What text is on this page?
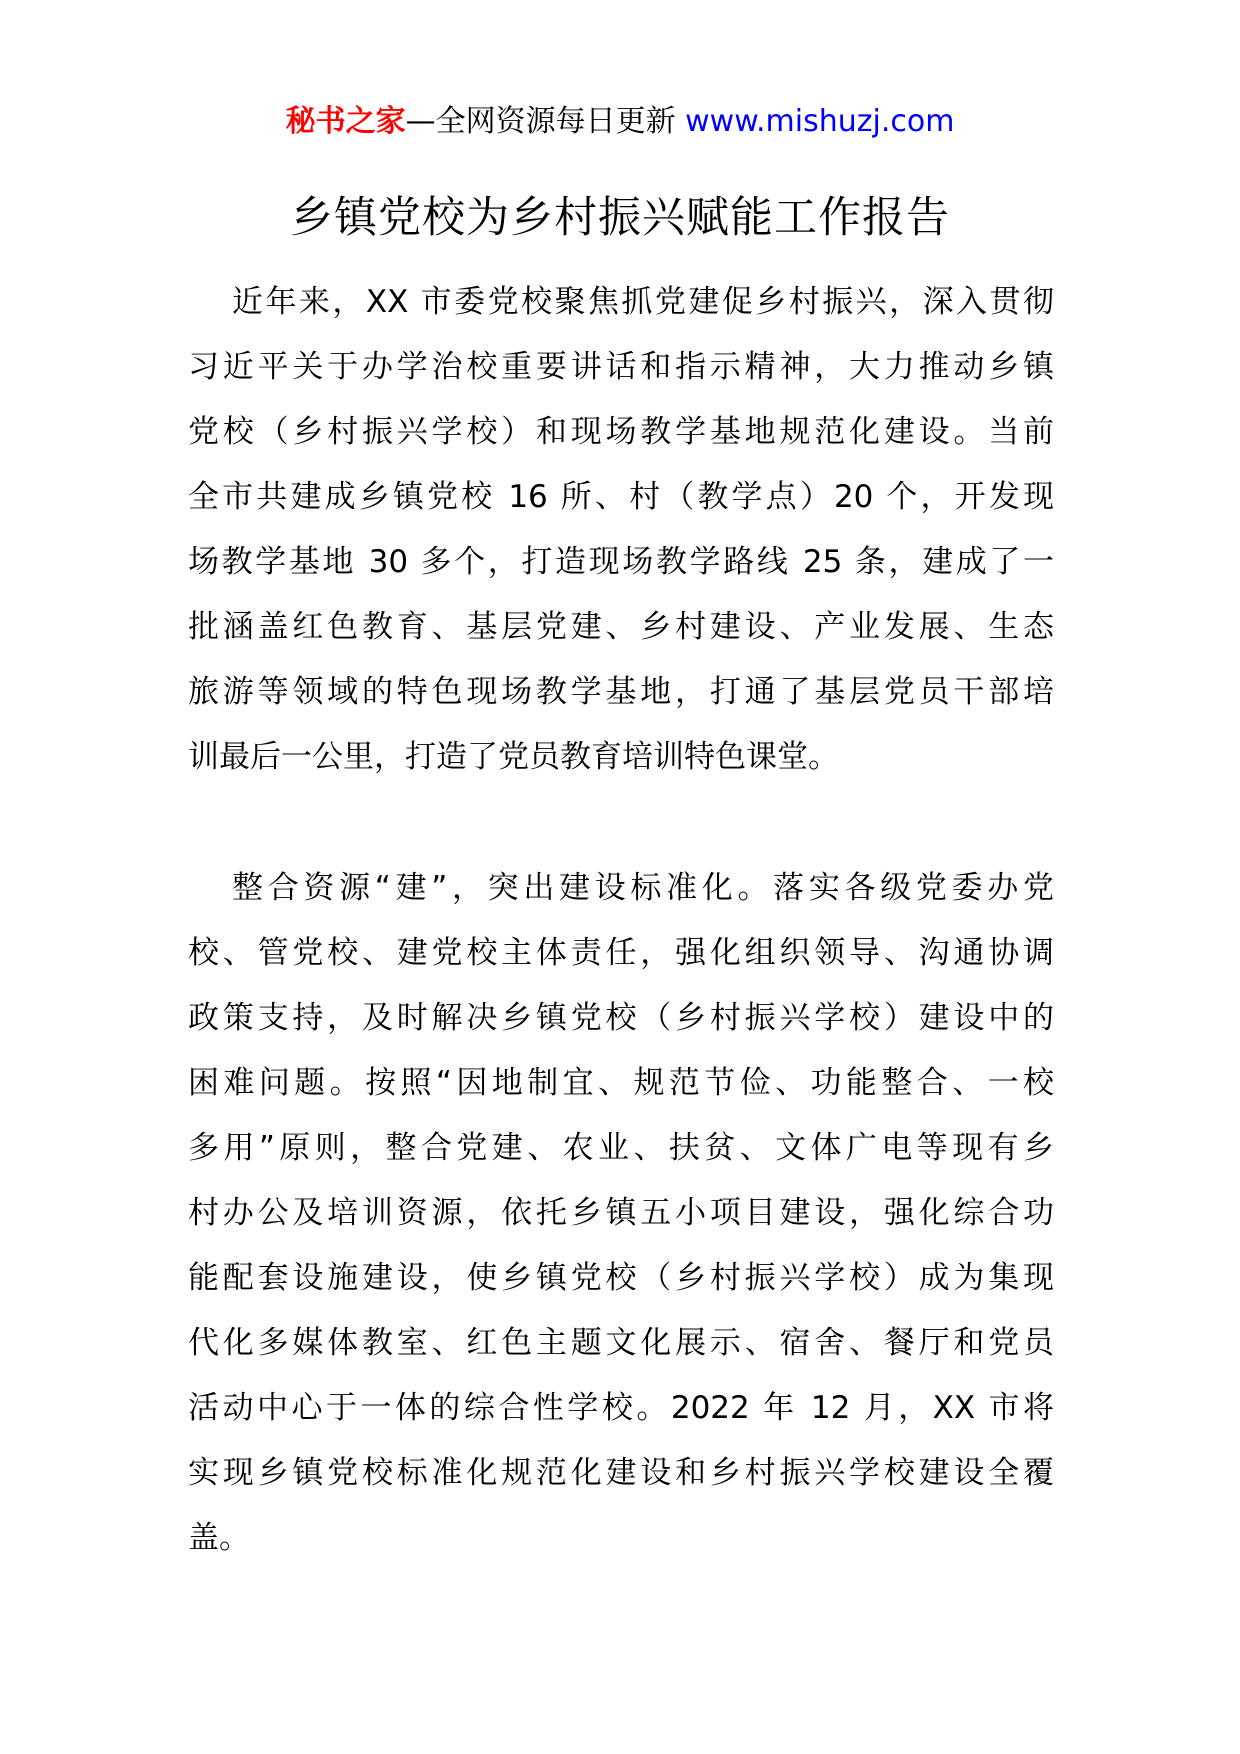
秘书之家—全网资源每日更新 www.mishuzj.com
乡镇党校为乡村振兴赋能工作报告
近年来，XX 市委党校聚焦抓党建促乡村振兴，深入贯彻
习近平关于办学治校重要讲话和指示精神，大力推动乡镇
党校（乡村振兴学校）和现场教学基地规范化建设。当前
全市共建成乡镇党校 16 所、村（教学点）20 个，开发现
场教学基地 30 多个，打造现场教学路线 25 条，建成了一
批涵盖红色教育、基层党建、乡村建设、产业发展、生态
旅游等领域的特色现场教学基地，打通了基层党员干部培
训最后一公里，打造了党员教育培训特色课堂。
整合资源“建”，突出建设标准化。落实各级党委办党
校、管党校、建党校主体责任，强化组织领导、沟通协调
政策支持，及时解决乡镇党校（乡村振兴学校）建设中的
困难问题。按照“因地制宜、规范节俭、功能整合、一校
多用”原则，整合党建、农业、扶贫、文体广电等现有乡
村办公及培训资源，依托乡镇五小项目建设，强化综合功
能配套设施建设，使乡镇党校（乡村振兴学校）成为集现
代化多媒体教室、红色主题文化展示、宿舍、餐厅和党员
活动中心于一体的综合性学校。2022 年 12 月，XX 市将
实现乡镇党校标准化规范化建设和乡村振兴学校建设全覆
盖。
